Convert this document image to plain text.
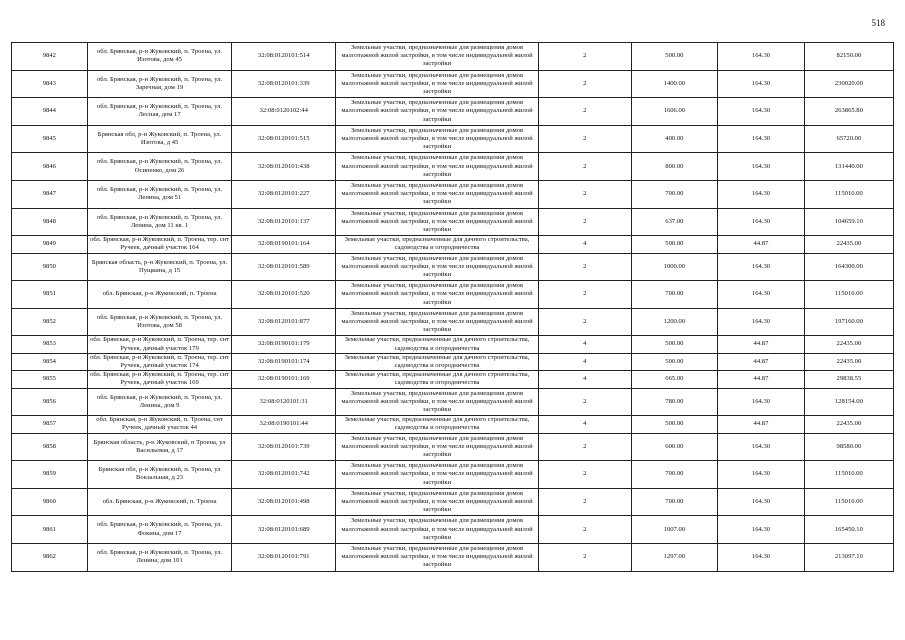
518
9842	обл. Брянская, р-н Жуковский, п. Троена, ул. Изотова, дом 45	32:08:0120101:514	Земельные участки, предназначенные для размещения домов малоэтажной жилой застройки, в том числе индивидуальной жилой застройки	2	500.00	164.30	82150.00
9843	обл. Брянская, р-н Жуковский, п. Троена, ул. Заречная, дом 19	32:08:0120101:339	Земельные участки, предназначенные для размещения домов малоэтажной жилой застройки, в том числе индивидуальной жилой застройки	2	1400.00	164.30	230020.00
9844	обл. Брянская, р-н Жуковский, п. Троена, ул. Лесная, дом 17	32:08:0120102:44	Земельные участки, предназначенные для размещения домов малоэтажной жилой застройки, в том числе индивидуальной жилой застройки	2	1606.00	164.30	263865.80
9845	Брянская обл, р-н Жуковский, п. Троена, ул. Изотова, д 45	32:08:0120101:515	Земельные участки, предназначенные для размещения домов малоэтажной жилой застройки, в том числе индивидуальной жилой застройки	2	400.00	164.30	65720.00
9846	обл. Брянская, р-н Жуковский, п. Троена, ул. Осипенко, дом 26	32:08:0120101:438	Земельные участки, предназначенные для размещения домов малоэтажной жилой застройки, в том числе индивидуальной жилой застройки	2	800.00	164.30	131440.00
9847	обл. Брянская, р-н Жуковский, п. Троена, ул. Ленина, дом 51	32:08:0120101:227	Земельные участки, предназначенные для размещения домов малоэтажной жилой застройки, в том числе индивидуальной жилой застройки	2	700.00	164.30	115010.00
9848	обл. Брянская, р-н Жуковский, п. Троена, ул. Ленина, дом 11 кв. 1	32:08:0120101:137	Земельные участки, предназначенные для размещения домов малоэтажной жилой застройки, в том числе индивидуальной жилой застройки	2	637.00	164.30	104659.10
9849	обл. Брянская, р-н Жуковский, п. Троена, тер. снт Ручеек, дачный участок 164	32:08:0190101:164	Земельные участки, предназначенные для дачного строительства, садоводства и огородничества	4	500.00	44.87	22435.00
9850	Брянская область, р-н Жуковский, п. Троена, ул. Пущкина, д 15	32:08:0120101:589	Земельные участки, предназначенные для размещения домов малоэтажной жилой застройки, в том числе индивидуальной жилой застройки	2	1000.00	164.30	164300.00
9851	обл. Брянская, р-н Жуковский, п. Троена	32:08:0120101:520	Земельные участки, предназначенные для размещения домов малоэтажной жилой застройки, в том числе индивидуальной жилой застройки	2	700.00	164.30	115010.00
9852	обл. Брянская, р-н Жуковский, п. Троена, ул. Изотова, дом 58	32:08:0120101:877	Земельные участки, предназначенные для размещения домов малоэтажной жилой застройки, в том числе индивидуальной жилой застройки	2	1200.00	164.30	197160.00
9853	обл. Брянская, р-н Жуковский, п. Троена, тер. снт Ручеек, дачный участок 179	32:08:0190101:179	Земельные участки, предназначенные для дачного строительства, садоводства и огородничества	4	500.00	44.87	22435.00
9854	обл. Брянская, р-н Жуковский, п. Троена, тер. снт Ручеек, дачный участок 174	32:08:0190101:174	Земельные участки, предназначенные для дачного строительства, садоводства и огородничества	4	500.00	44.87	22435.00
9855	обл. Брянская, р-н Жуковский, п. Троена, тер. снт Ручеек, дачный участок 169	32:08:0190101:169	Земельные участки, предназначенные для дачного строительства, садоводства и огородничества	4	665.00	44.87	29838.55
9856	обл. Брянская, р-н Жуковский, п. Троена, ул. Ленина, дом 9	32:08:0120101:31	Земельные участки, предназначенные для размещения домов малоэтажной жилой застройки, в том числе индивидуальной жилой застройки	2	780.00	164.30	128154.00
9857	обл. Брянская, р-н Жуковский, п. Троена, снт Ручеек, дачный участок 44	32:08:0190101:44	Земельные участки, предназначенные для дачного строительства, садоводства и огородничества	4	500.00	44.87	22435.00
9858	Брянская область, р-н Жуковский, п Троена, ул Васильевая, д 17	32:08:0120101:739	Земельные участки, предназначенные для размещения домов малоэтажной жилой застройки, в том числе индивидуальной жилой застройки	2	600.00	164.30	98580.00
9859	Брянская обл, р-н Жуковский, п. Троена, ул Вокзальная, д 23	32:08:0120101:742	Земельные участки, предназначенные для размещения домов малоэтажной жилой застройки, в том числе индивидуальной жилой застройки	2	700.00	164.30	115010.00
9860	обл. Брянская, р-н Жуковский, п. Троена	32:08:0120101:498	Земельные участки, предназначенные для размещения домов малоэтажной жилой застройки, в том числе индивидуальной жилой застройки	2	700.00	164.30	115010.00
9861	обл. Брянская, р-н Жуковский, п. Троена, ул. Фокина, дом 17	32:08:0120101:689	Земельные участки, предназначенные для размещения домов малоэтажной жилой застройки, в том числе индивидуальной жилой застройки	2	1007.00	164.30	165450.10
9862	обл. Брянская, р-н Жуковский, п. Троена, ул. Ленина, дом 101	32:08:0120101:791	Земельные участки, предназначенные для размещения домов малоэтажной жилой застройки, в том числе индивидуальной жилой застройки	2	1297.00	164.30	213097.10
